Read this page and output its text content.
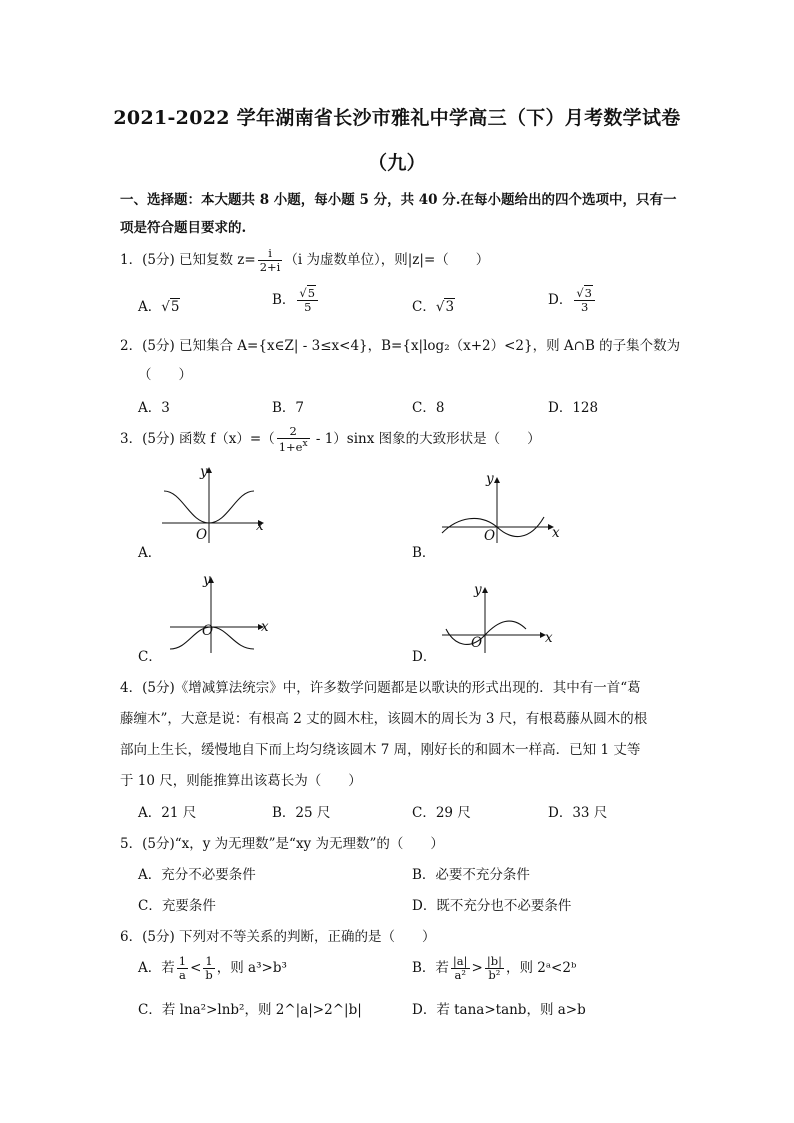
2021-2022 学年湖南省长沙市雅礼中学高三（下）月考数学试卷
（九）
一、选择题：本大题共 8 小题，每小题 5 分，共 40 分.在每小题给出的四个选项中，只有一
项是符合题目要求的.
1．(5分) 已知复数 $z= \frac{i}{2+i} (i$ 为虚数单位），则|z|=（　　）
A．√5	B． $\frac{√5}{5}$	C．√3	D． $\frac{√3}{3}$
2．(5分) 已知集合 A={x∈Z| - 3≤x<4}，B={x|log₂（x+2）<2}，则 A∩B 的子集个数为
（　　）
A．3	B．7	C．8	D．128
3．(5分) 函数 $f(x)=( \frac{2}{1+e^x} - 1)\sin x$ 图象的大致形状是（　　）
x
y
O
A．
x
y
O
B．
x
y
O
C．
x
y
O
D．
4．(5分)《增减算法统宗》中，许多数学问题都是以歌诀的形式出现的．其中有一首“葛
藤缠木”，大意是说：有根高 2 丈的圆木柱，该圆木的周长为 3 尺，有根葛藤从圆木的根
部向上生长，缓慢地自下而上均匀绕该圆木 7 周，刚好长的和圆木一样高．已知 1 丈等
于 10 尺，则能推算出该葛长为（　　）
A．21 尺	B．25 尺	C．29 尺	D．33 尺
5．(5分)“x，y 为无理数”是“xy 为无理数”的（　　）
A．充分不必要条件	B．必要不充分条件
C．充要条件	D．既不充分也不必要条件
6．(5分) 下列对不等关系的判断，正确的是（　　）
A．若 $\frac{1}{a} < \frac{1}{b}$ ，则 a³>b³	B．若 $\frac{|a|}{\text{a²}} > \frac{|b|}{\text{b²}}$ ，则 2ᵃ<2ᵇ
C．若 lna²>lnb²，则 2^|a|>2^|b|	D．若 tana>tanb，则 a>b
